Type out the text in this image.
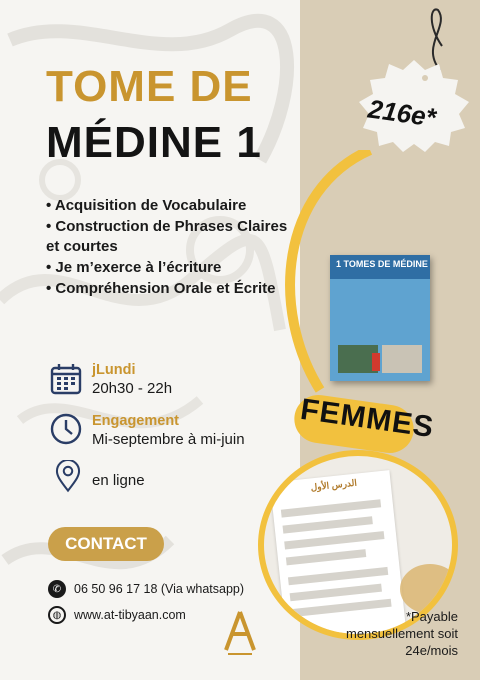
TOME DE
MÉDINE 1
• Acquisition de Vocabulaire
• Construction de Phrases Claires et courtes
• Je m’exerce à l’écriture
• Compréhension Orale et Écrite
jLundi
20h30 - 22h
Engagement
Mi-septembre à mi-juin
en ligne
CONTACT
✆	06 50 96 17 18 (Via whatsapp)
◍	www.at-tibyaan.com
216e*
1 TOMES DE MÉDINE
FEMMES
الدرس الأول
*Payable mensuellement soit 24e/mois
